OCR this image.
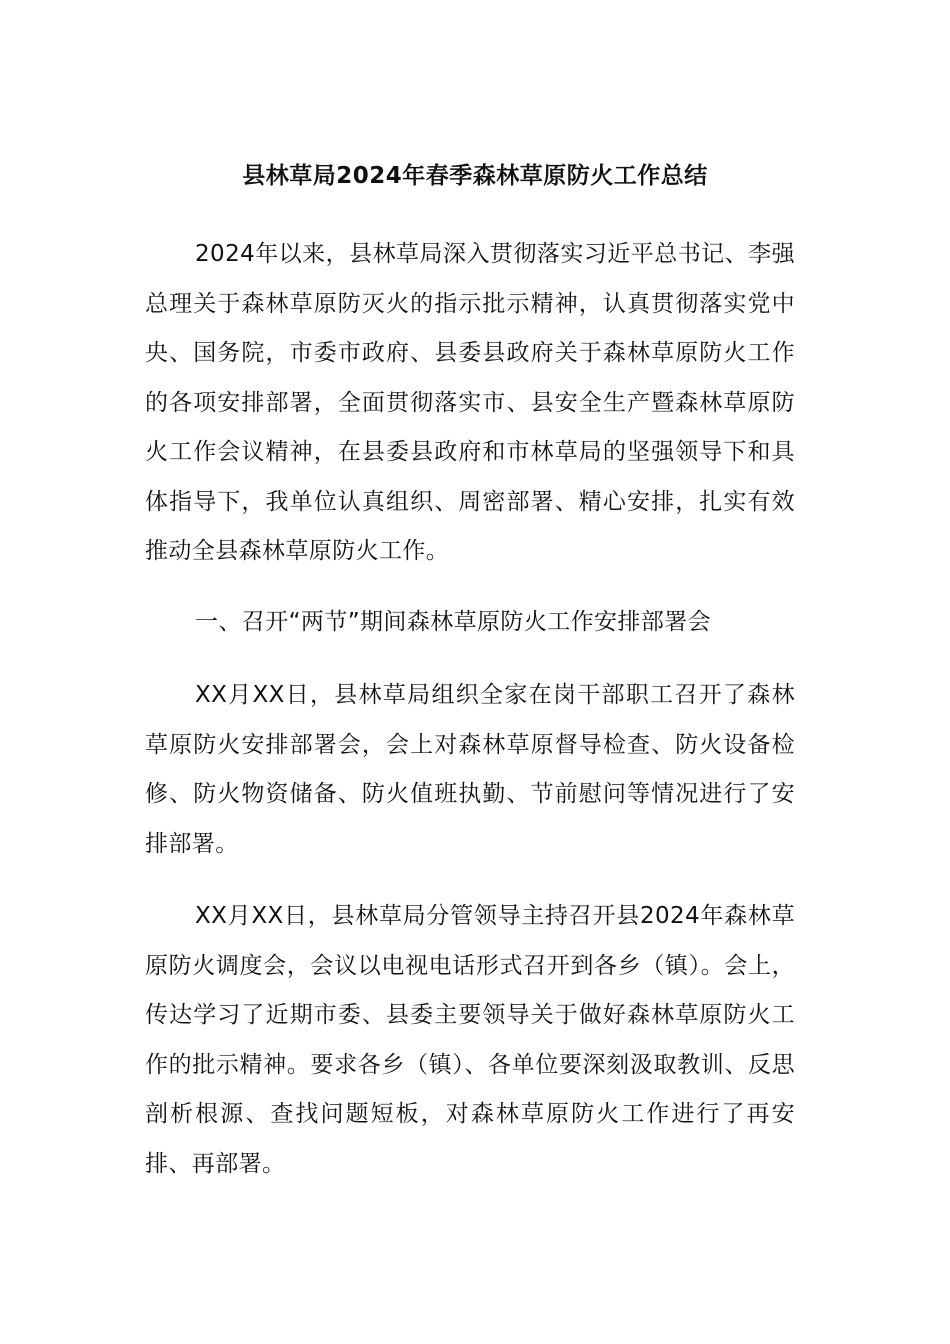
县林草局2024年春季森林草原防火工作总结

2024年以来，县林草局深入贯彻落实习近平总书记、李强总理关于森林草原防灭火的指示批示精神，认真贯彻落实党中央、国务院，市委市政府、县委县政府关于森林草原防火工作的各项安排部署，全面贯彻落实市、县安全生产暨森林草原防火工作会议精神，在县委县政府和市林草局的坚强领导下和具体指导下，我单位认真组织、周密部署、精心安排，扎实有效推动全县森林草原防火工作。

一、召开“两节”期间森林草原防火工作安排部署会

XX月XX日，县林草局组织全家在岗干部职工召开了森林草原防火安排部署会，会上对森林草原督导检查、防火设备检修、防火物资储备、防火值班执勤、节前慰问等情况进行了安排部署。

XX月XX日，县林草局分管领导主持召开县2024年森林草原防火调度会，会议以电视电话形式召开到各乡（镇）。会上，传达学习了近期市委、县委主要领导关于做好森林草原防火工作的批示精神。要求各乡（镇）、各单位要深刻汲取教训、反思剖析根源、查找问题短板，对森林草原防火工作进行了再安排、再部署。
